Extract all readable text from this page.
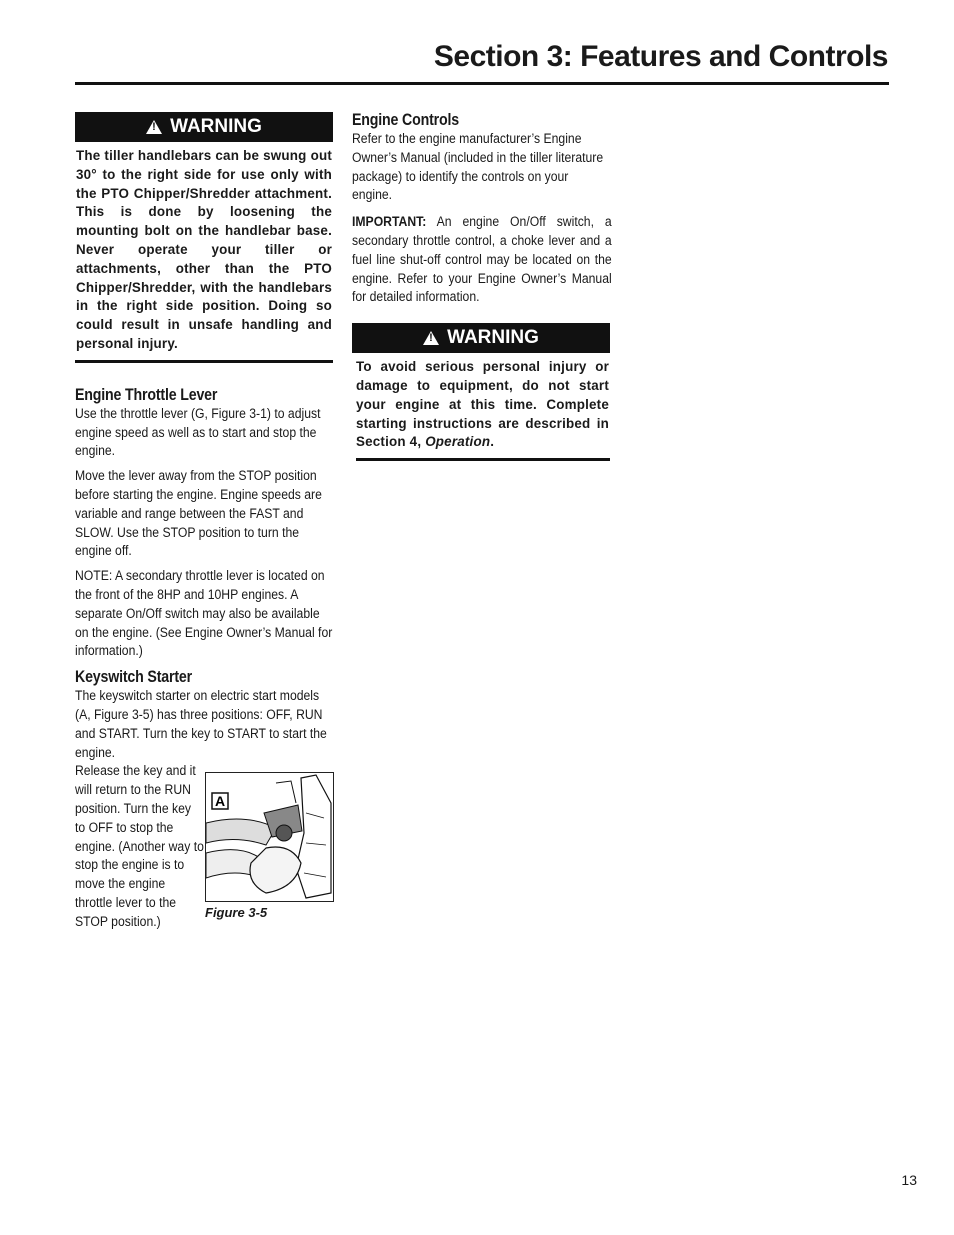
Section 3: Features and Controls
!
WARNING
The tiller handlebars can be swung out 30° to the right side for use only with the PTO Chipper/Shredder attachment. This is done by loosening the mounting bolt on the handlebar base. Never operate your tiller or attachments, other than the PTO Chipper/Shredder, with the handlebars in the right side position. Doing so could result in unsafe handling and personal injury.
Engine Throttle Lever

Use the throttle lever (G, Figure 3-1) to adjust engine speed as well as to start and stop the engine.

Move the lever away from the STOP position before starting the engine. Engine speeds are variable and range between the FAST and SLOW. Use the STOP position to turn the engine off.

NOTE: A secondary throttle lever is located on the front of the 8HP and 10HP engines. A separate On/Off switch may also be available on the engine. (See Engine Owner’s Manual for information.)

Keyswitch Starter

The keyswitch starter on electric start models (A, Figure 3-5) has three positions: OFF, RUN and START. Turn the key to START to start the engine.

Release the key and it will return to the RUN position. Turn the key to OFF to stop the engine. (Another way to stop the engine is to move the engine throttle lever to the STOP position.)

A
Figure 3-5
Engine Controls

Refer to the engine manufacturer’s Engine Owner’s Manual (included in the tiller literature package) to identify the controls on your engine.

IMPORTANT: An engine On/Off switch, a secondary throttle control, a choke lever and a fuel line shut-off control may be located on the engine. Refer to your Engine Owner’s Manual for detailed information.

!
WARNING
To avoid serious personal injury or damage to equipment, do not start your engine at this time. Complete starting instructions are described in Section 4, Operation.
13
